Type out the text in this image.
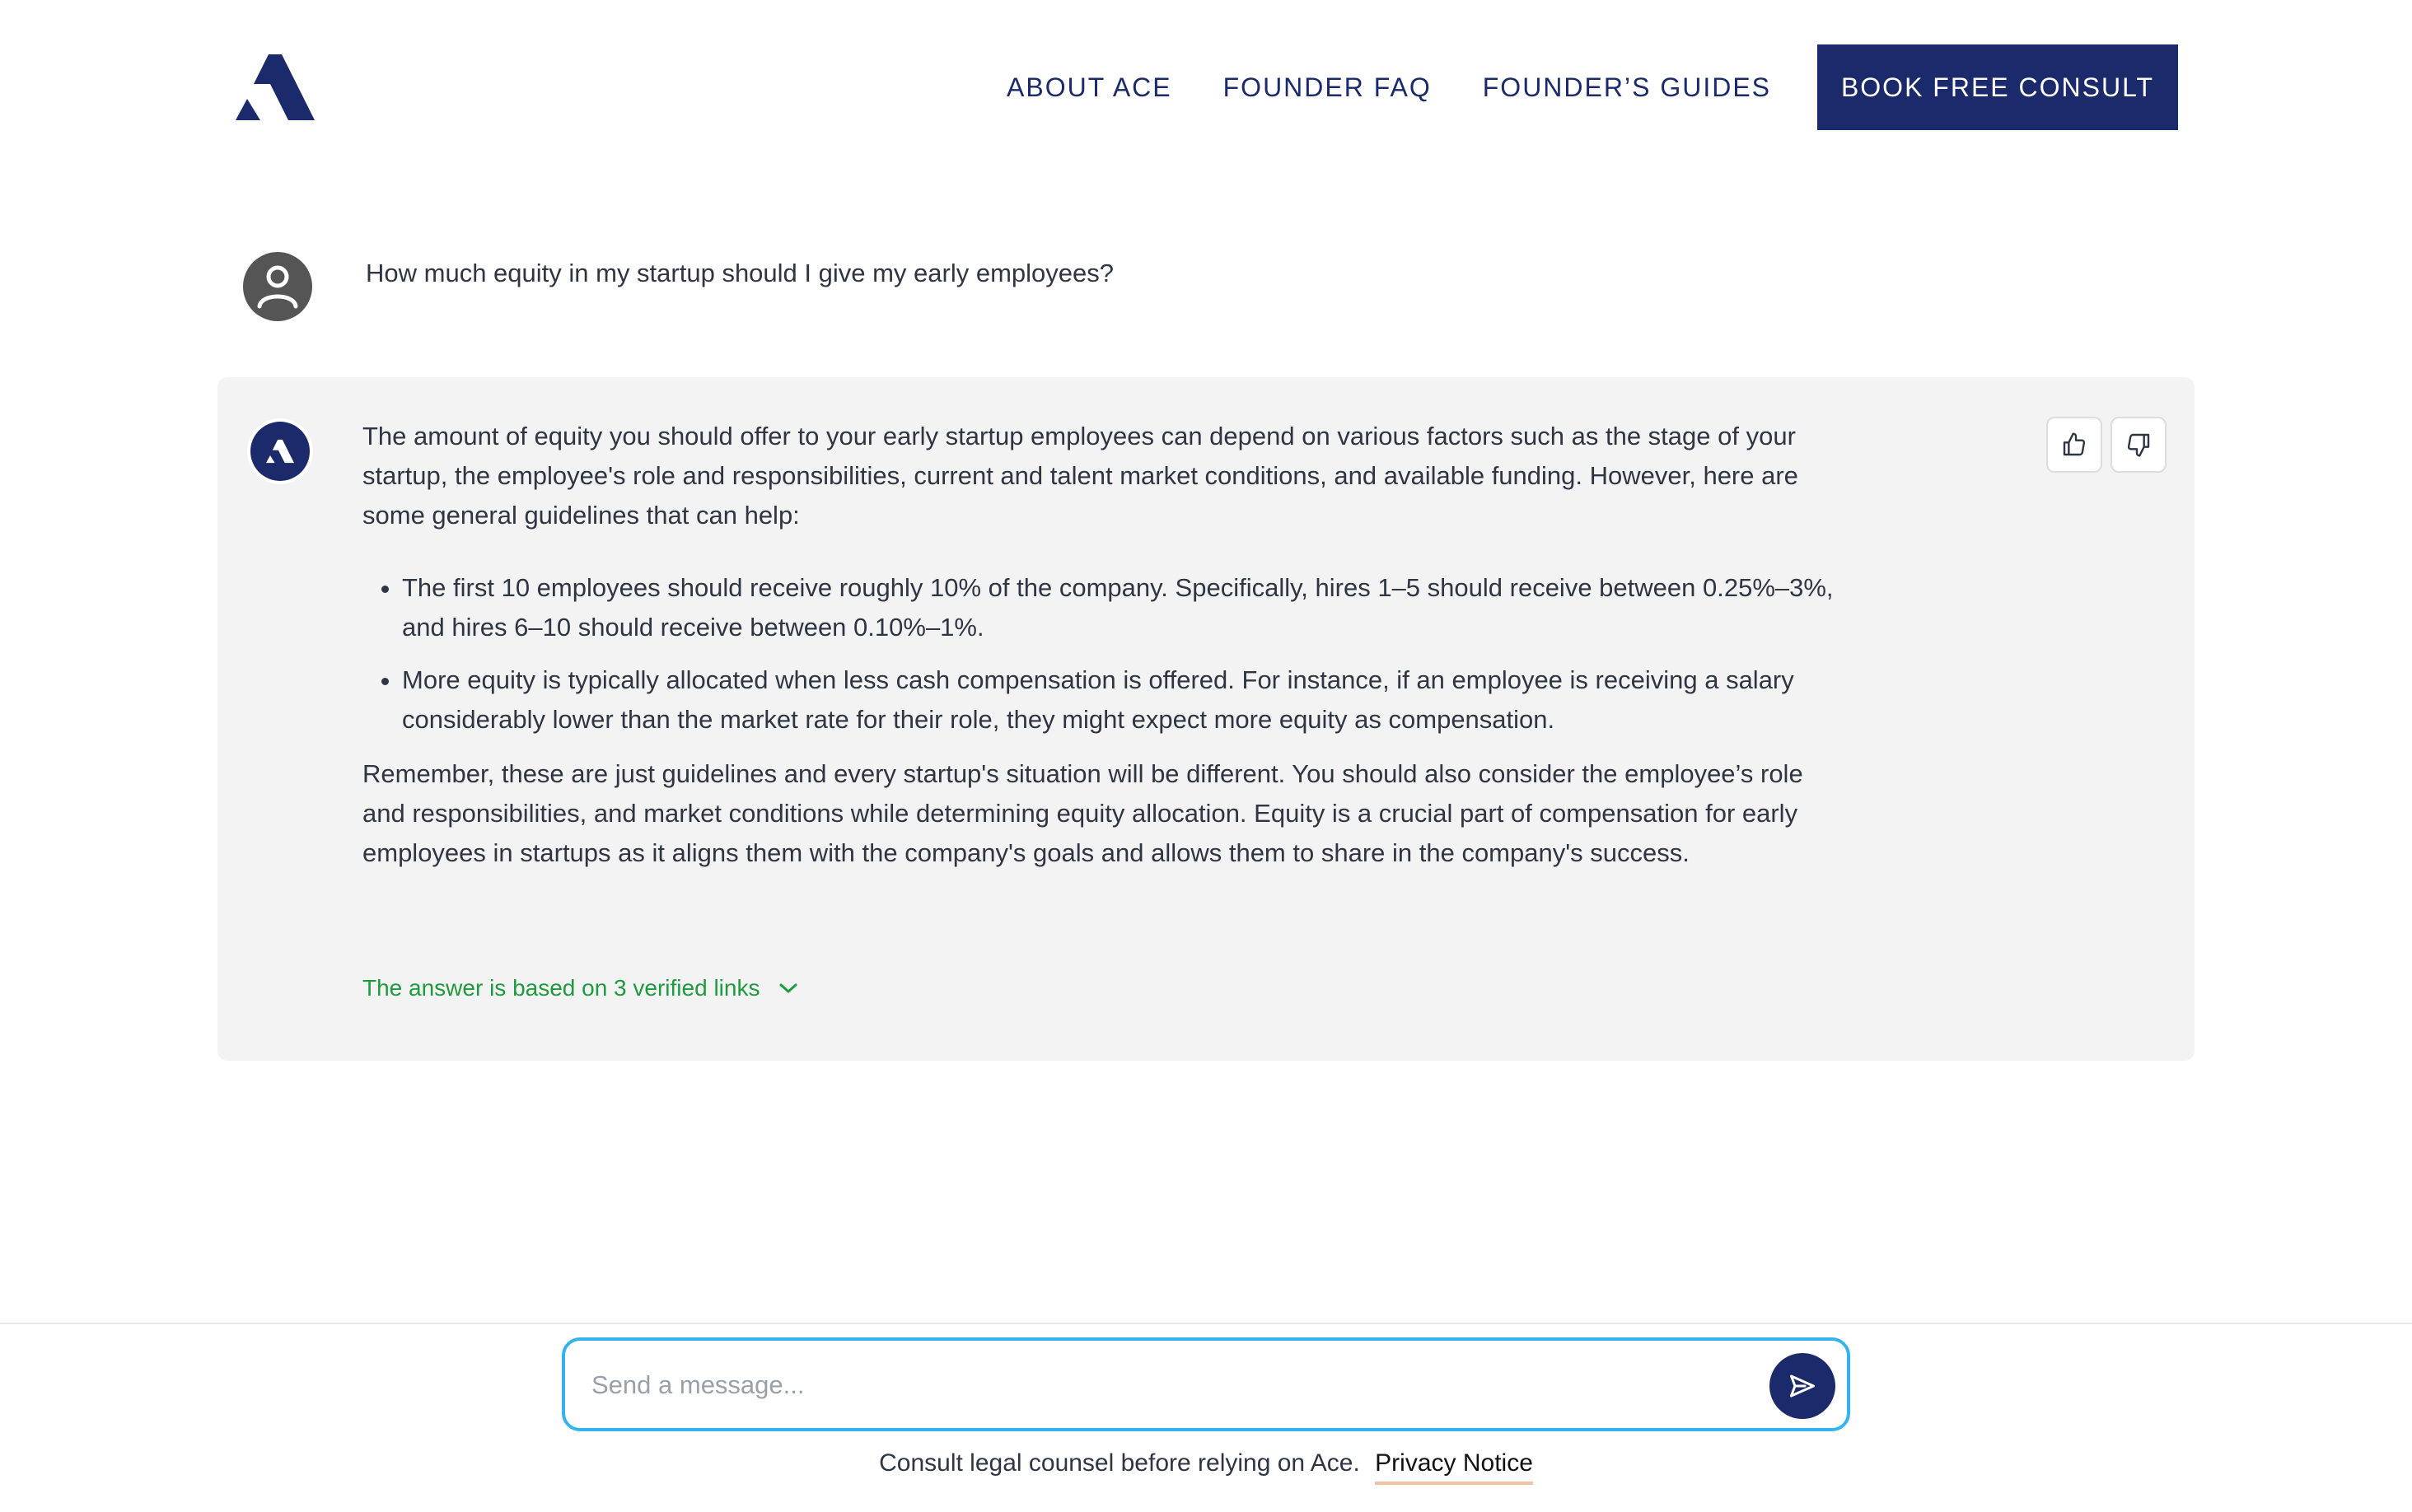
ABOUT ACE FOUNDER FAQ FOUNDER’S GUIDES	BOOK FREE CONSULT
How much equity in my startup should I give my early employees?

The amount of equity you should offer to your early startup employees can depend on various factors such as the stage of your startup, the employee's role and responsibilities, current and talent market conditions, and available funding. However, here are some general guidelines that can help:

• The first 10 employees should receive roughly 10% of the company. Specifically, hires 1–5 should receive between 0.25%–3%, and hires 6–10 should receive between 0.10%–1%.
• More equity is typically allocated when less cash compensation is offered. For instance, if an employee is receiving a salary considerably lower than the market rate for their role, they might expect more equity as compensation.

Remember, these are just guidelines and every startup's situation will be different. You should also consider the employee’s role and responsibilities, and market conditions while determining equity allocation. Equity is a crucial part of compensation for early employees in startups as it aligns them with the company's goals and allows them to share in the company's success.

The answer is based on 3 verified links
Send a message...
Consult legal counsel before relying on Ace. Privacy Notice
